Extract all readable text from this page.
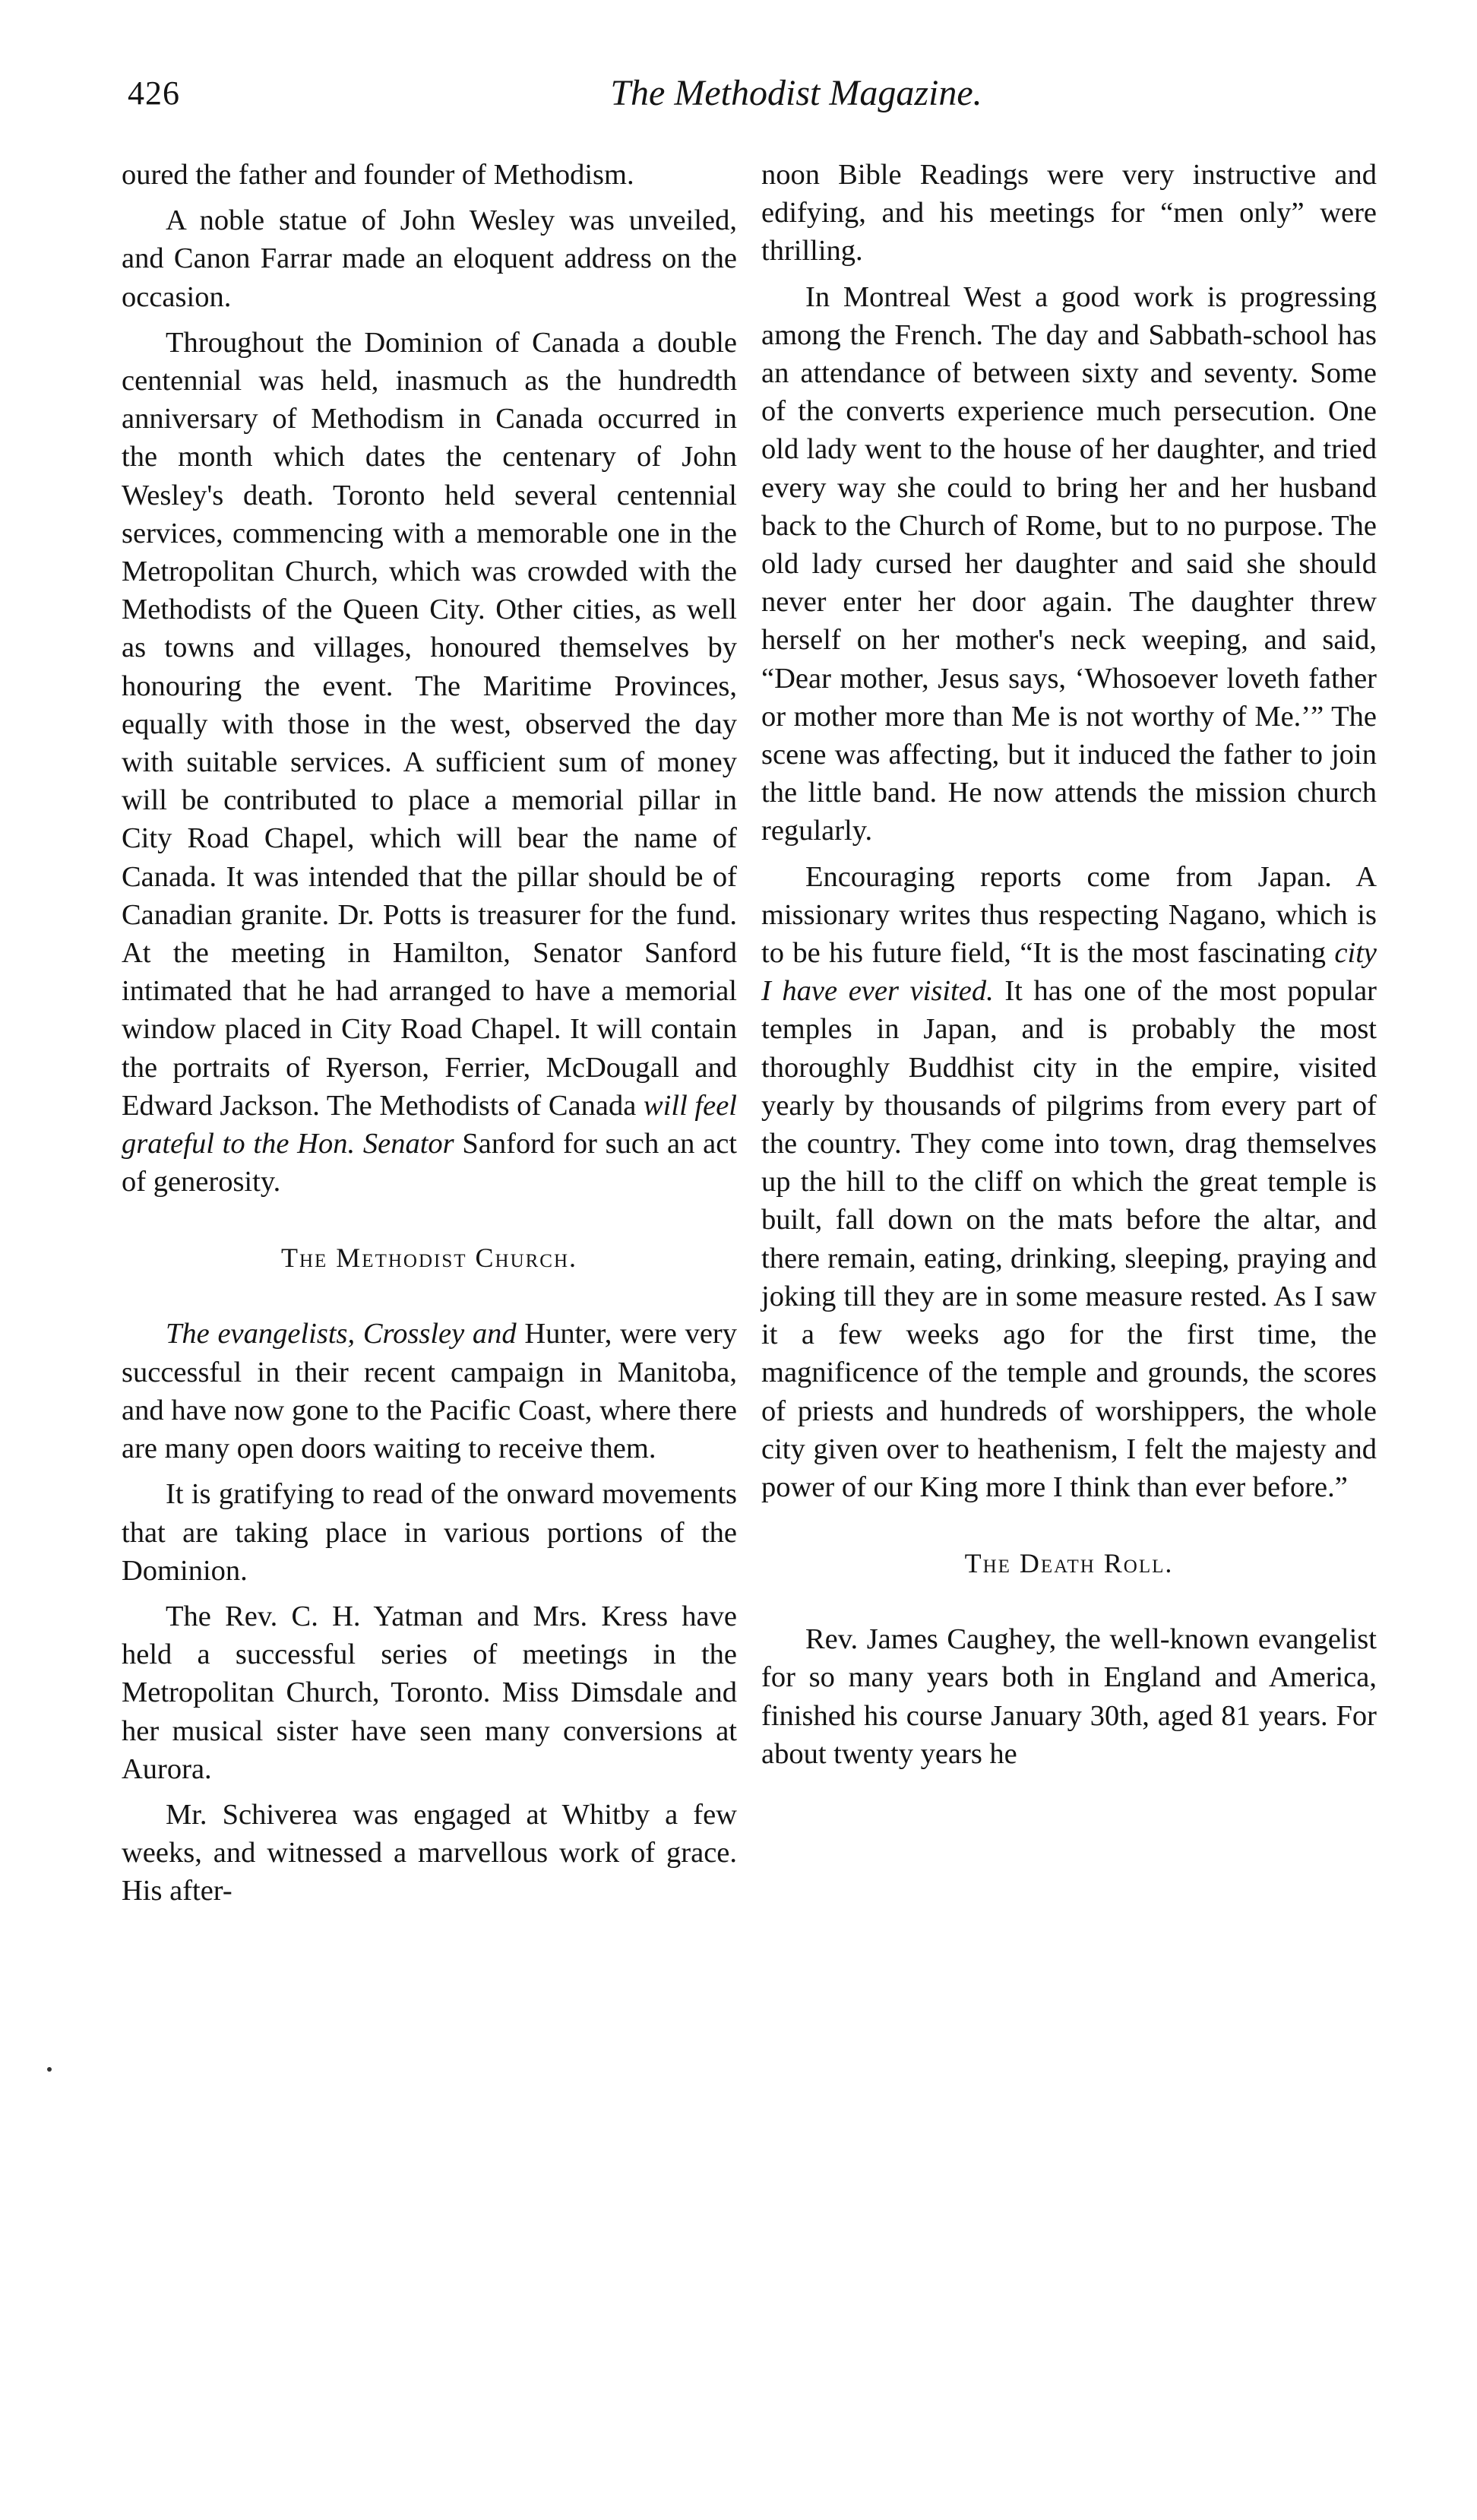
426	The Methodist Magazine.

oured the father and founder of Methodism.

A noble statue of John Wesley was unveiled, and Canon Farrar made an eloquent address on the occasion.

Throughout the Dominion of Canada a double centennial was held, inasmuch as the hundredth anniversary of Methodism in Canada occurred in the month which dates the centenary of John Wesley's death. Toronto held several centennial services, commencing with a memorable one in the Metropolitan Church, which was crowded with the Methodists of the Queen City. Other cities, as well as towns and villages, honoured themselves by honouring the event. The Maritime Provinces, equally with those in the west, observed the day with suitable services. A sufficient sum of money will be contributed to place a memorial pillar in City Road Chapel, which will bear the name of Canada. It was intended that the pillar should be of Canadian granite. Dr. Potts is treasurer for the fund. At the meeting in Hamilton, Senator Sanford intimated that he had arranged to have a memorial window placed in City Road Chapel. It will contain the portraits of Ryerson, Ferrier, McDougall and Edward Jackson. The Methodists of Canada will feel grateful to the Hon. Senator Sanford for such an act of generosity.

The Methodist Church.

The evangelists, Crossley and Hunter, were very successful in their recent campaign in Manitoba, and have now gone to the Pacific Coast, where there are many open doors waiting to receive them.

It is gratifying to read of the onward movements that are taking place in various portions of the Dominion.

The Rev. C. H. Yatman and Mrs. Kress have held a successful series of meetings in the Metropolitan Church, Toronto. Miss Dimsdale and her musical sister have seen many conversions at Aurora.

Mr. Schiverea was engaged at Whitby a few weeks, and witnessed a marvellous work of grace. His after-

noon Bible Readings were very instructive and edifying, and his meetings for “men only” were thrilling.

In Montreal West a good work is progressing among the French. The day and Sabbath-school has an attendance of between sixty and seventy. Some of the converts experience much persecution. One old lady went to the house of her daughter, and tried every way she could to bring her and her husband back to the Church of Rome, but to no purpose. The old lady cursed her daughter and said she should never enter her door again. The daughter threw herself on her mother's neck weeping, and said, “Dear mother, Jesus says, ‘Whosoever loveth father or mother more than Me is not worthy of Me.’” The scene was affecting, but it induced the father to join the little band. He now attends the mission church regularly.

Encouraging reports come from Japan. A missionary writes thus respecting Nagano, which is to be his future field, “It is the most fascinating city I have ever visited. It has one of the most popular temples in Japan, and is probably the most thoroughly Buddhist city in the empire, visited yearly by thousands of pilgrims from every part of the country. They come into town, drag themselves up the hill to the cliff on which the great temple is built, fall down on the mats before the altar, and there remain, eating, drinking, sleeping, praying and joking till they are in some measure rested. As I saw it a few weeks ago for the first time, the magnificence of the temple and grounds, the scores of priests and hundreds of worshippers, the whole city given over to heathenism, I felt the majesty and power of our King more I think than ever before.”

The Death Roll.

Rev. James Caughey, the well-known evangelist for so many years both in England and America, finished his course January 30th, aged 81 years. For about twenty years he
